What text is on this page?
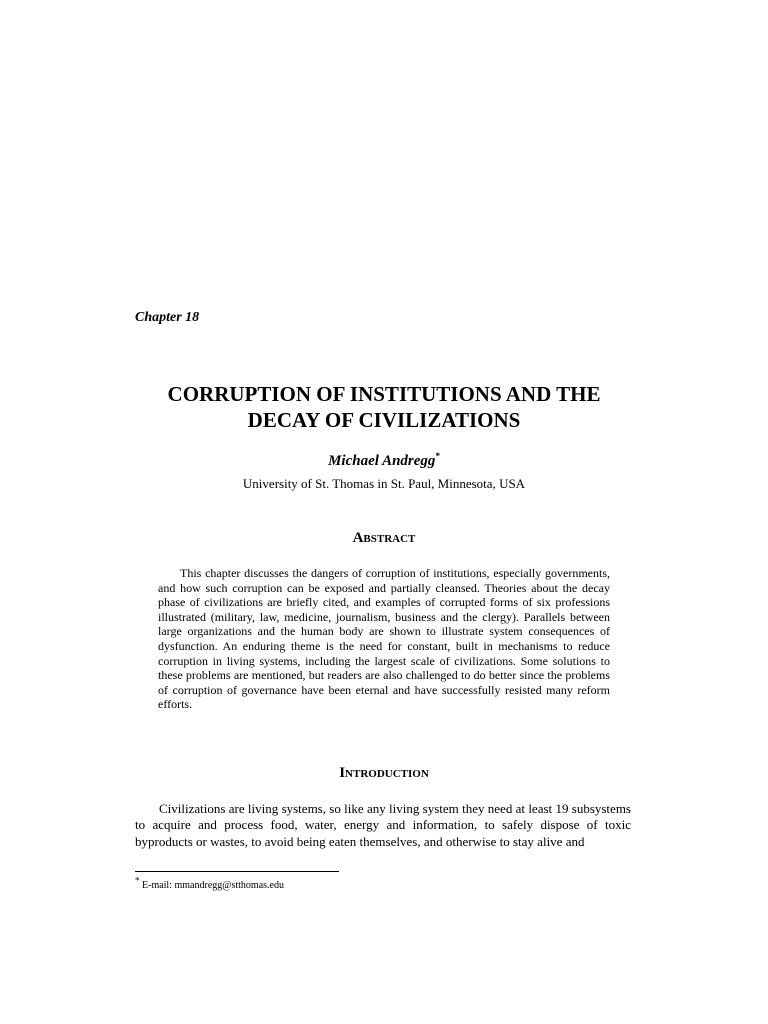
Chapter 18
CORRUPTION OF INSTITUTIONS AND THE
DECAY OF CIVILIZATIONS
Michael Andregg*
University of St. Thomas in St. Paul, Minnesota, USA
Abstract

This chapter discusses the dangers of corruption of institutions, especially governments, and how such corruption can be exposed and partially cleansed. Theories about the decay phase of civilizations are briefly cited, and examples of corrupted forms of six professions illustrated (military, law, medicine, journalism, business and the clergy). Parallels between large organizations and the human body are shown to illustrate system consequences of dysfunction. An enduring theme is the need for constant, built in mechanisms to reduce corruption in living systems, including the largest scale of civilizations. Some solutions to these problems are mentioned, but readers are also challenged to do better since the problems of corruption of governance have been eternal and have successfully resisted many reform efforts.

Introduction

Civilizations are living systems, so like any living system they need at least 19 subsystems to acquire and process food, water, energy and information, to safely dispose of toxic byproducts or wastes, to avoid being eaten themselves, and otherwise to stay alive and

* E-mail: mmandregg@stthomas.edu
